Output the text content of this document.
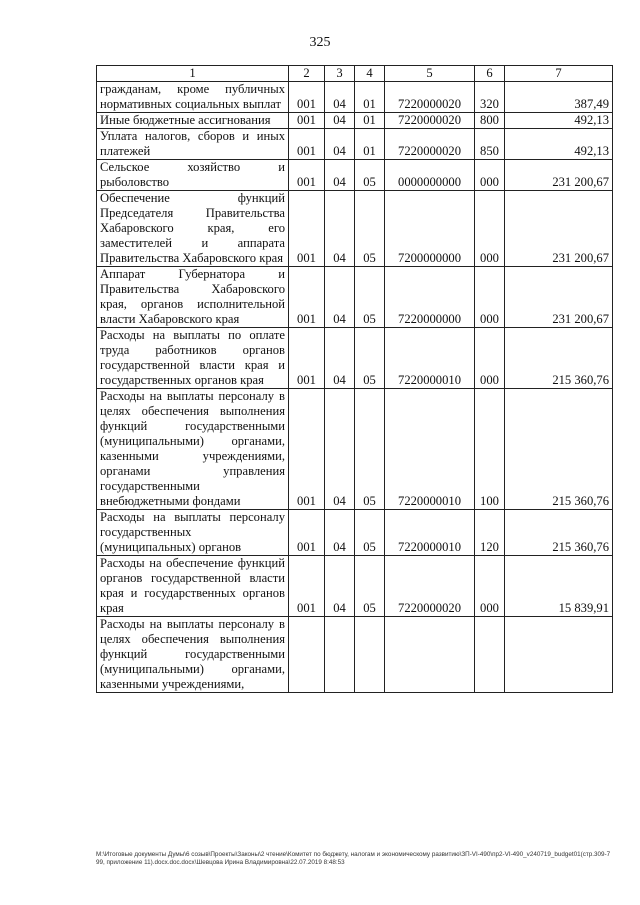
325
1	2	3	4	5	6	7
гражданам, кроме публичных нормативных социальных выплат	001	04	01	7220000020	320	387,49
Иные бюджетные ассигнования	001	04	01	7220000020	800	492,13
Уплата налогов, сборов и иных платежей	001	04	01	7220000020	850	492,13
Сельское хозяйство и рыболовство	001	04	05	0000000000	000	231 200,67
Обеспечение функций Председателя Правительства Хабаровского края, его заместителей и аппарата Правительства Хабаровского края	001	04	05	7200000000	000	231 200,67
Аппарат Губернатора и Правительства Хабаровского края, органов исполнительной власти Хабаровского края	001	04	05	7220000000	000	231 200,67
Расходы на выплаты по оплате труда работников органов государственной власти края и государственных органов края	001	04	05	7220000010	000	215 360,76
Расходы на выплаты персоналу в целях обеспечения выполнения функций государственными (муниципальными) органами, казенными учреждениями, органами управления государственными внебюджетными фондами	001	04	05	7220000010	100	215 360,76
Расходы на выплаты персоналу государственных (муниципальных) органов	001	04	05	7220000010	120	215 360,76
Расходы на обеспечение функций органов государственной власти края и государственных органов края	001	04	05	7220000020	000	15 839,91
Расходы на выплаты персоналу в целях обеспечения выполнения функций государственными (муниципальными) органами, казенными учреждениями,						
M:\Итоговые документы Думы\6 созыв\Проекты\Законы\2 чтение\Комитет по бюджету, налогам и экономическому развитию\ЗП-VI-490\пр2-VI-490_v240719_budget01(стр.309-799, приложение 11).docx.doc.docx\Шевцова Ирина Владимировна\22.07.2019 8:48:53
